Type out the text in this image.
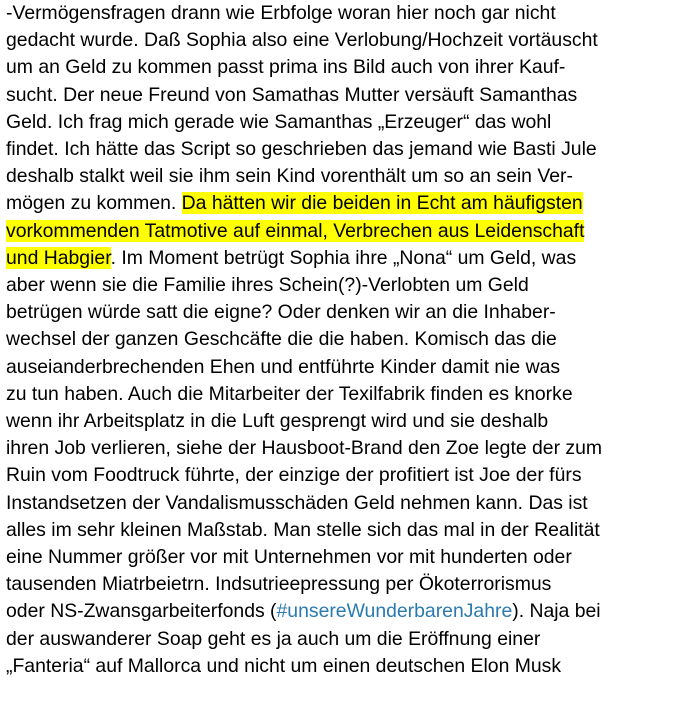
-Vermögensfragen drann wie Erbfolge woran hier noch gar nicht
gedacht wurde. Daß Sophia also eine Verlobung/Hochzeit vortäuscht
um an Geld zu kommen passt prima ins Bild auch von ihrer Kauf-
sucht. Der neue Freund von Samathas Mutter versäuft Samanthas
Geld. Ich frag mich gerade wie Samanthas „Erzeuger“ das wohl
findet. Ich hätte das Script so geschrieben das jemand wie Basti Jule
deshalb stalkt weil sie ihm sein Kind vorenthält um so an sein Ver-
mögen zu kommen. Da hätten wir die beiden in Echt am häufigsten
vorkommenden Tatmotive auf einmal, Verbrechen aus Leidenschaft
und Habgier. Im Moment betrügt Sophia ihre „Nona“ um Geld, was
aber wenn sie die Familie ihres Schein(?)-Verlobten um Geld
betrügen würde satt die eigne? Oder denken wir an die Inhaber-
wechsel der ganzen Geschcäfte die die haben. Komisch das die
auseianderbrechenden Ehen und entführte Kinder damit nie was
zu tun haben. Auch die Mitarbeiter der Texilfabrik finden es knorke
wenn ihr Arbeitsplatz in die Luft gesprengt wird und sie deshalb
ihren Job verlieren, siehe der Hausboot-Brand den Zoe legte der zum
Ruin vom Foodtruck führte, der einzige der profitiert ist Joe der fürs
Instandsetzen der Vandalismusschäden Geld nehmen kann. Das ist
alles im sehr kleinen Maßstab. Man stelle sich das mal in der Realität
eine Nummer größer vor mit Unternehmen vor mit hunderten oder
tausenden Miatrbeietrn. Indsutrieepressung per Ökoterrorismus
oder NS-Zwansgarbeiterfonds (#unsereWunderbarenJahre). Naja bei
der auswanderer Soap geht es ja auch um die Eröffnung einer
„Fanteria“ auf Mallorca und nicht um einen deutschen Elon Musk
